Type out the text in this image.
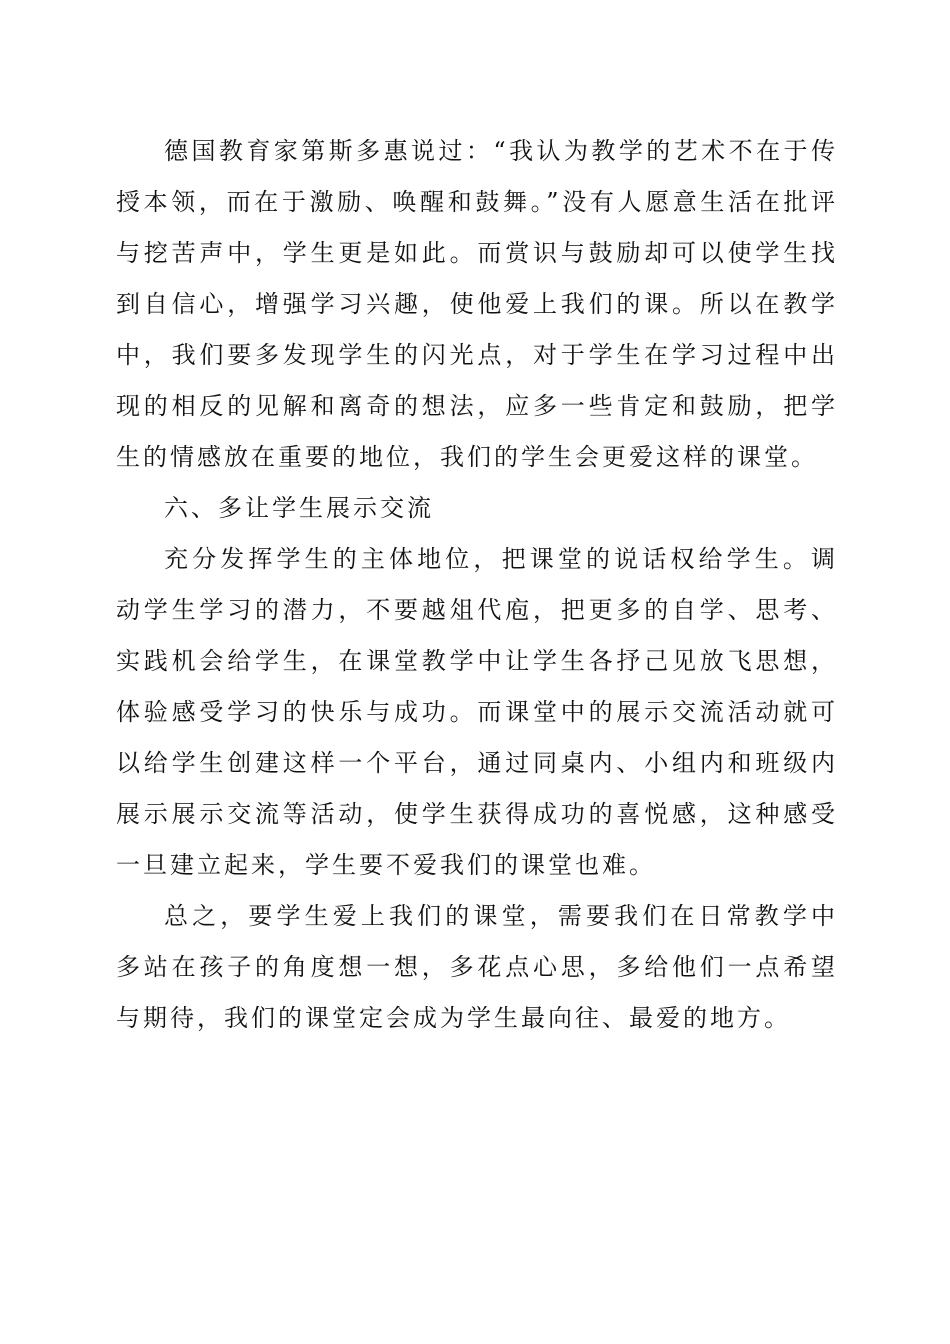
德国教育家第斯多惠说过：“我认为教学的艺术不在于传授本领，而在于激励、唤醒和鼓舞。”没有人愿意生活在批评与挖苦声中，学生更是如此。而赏识与鼓励却可以使学生找到自信心，增强学习兴趣，使他爱上我们的课。所以在教学中，我们要多发现学生的闪光点，对于学生在学习过程中出现的相反的见解和离奇的想法，应多一些肯定和鼓励，把学生的情感放在重要的地位，我们的学生会更爱这样的课堂。

六、多让学生展示交流

充分发挥学生的主体地位，把课堂的说话权给学生。调动学生学习的潜力，不要越俎代庖，把更多的自学、思考、实践机会给学生，在课堂教学中让学生各抒己见放飞思想，体验感受学习的快乐与成功。而课堂中的展示交流活动就可以给学生创建这样一个平台，通过同桌内、小组内和班级内展示展示交流等活动，使学生获得成功的喜悦感，这种感受一旦建立起来，学生要不爱我们的课堂也难。

总之，要学生爱上我们的课堂，需要我们在日常教学中多站在孩子的角度想一想，多花点心思，多给他们一点希望与期待，我们的课堂定会成为学生最向往、最爱的地方。
